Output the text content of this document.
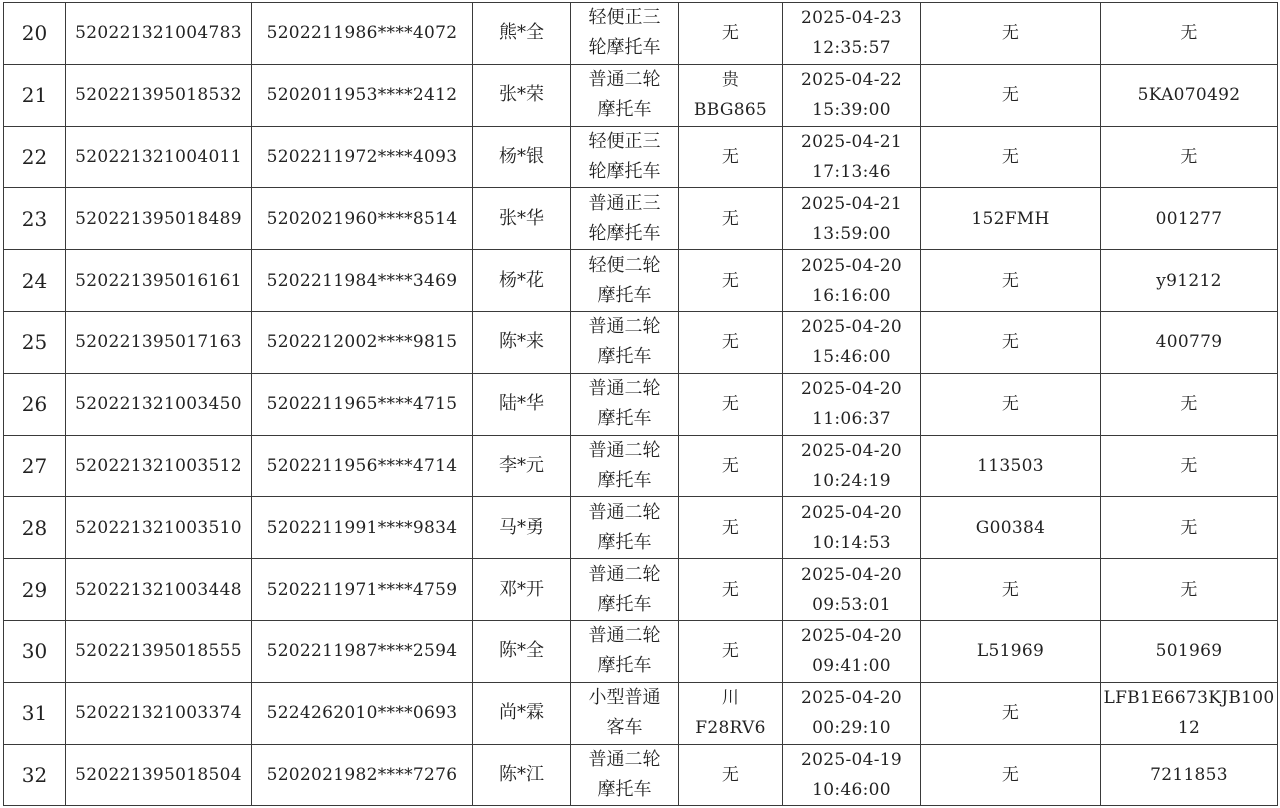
20	520221321004783	5202211986****4072	熊*全	轻便正三
轮摩托车	无	2025-04-23
12:35:57	无	无

21	520221395018532	5202011953****2412	张*荣	普通二轮
摩托车	贵
BBG865	2025-04-22
15:39:00	无	5KA070492

22	520221321004011	5202211972****4093	杨*银	轻便正三
轮摩托车	无	2025-04-21
17:13:46	无	无

23	520221395018489	5202021960****8514	张*华	普通正三
轮摩托车	无	2025-04-21
13:59:00	152FMH	001277

24	520221395016161	5202211984****3469	杨*花	轻便二轮
摩托车	无	2025-04-20
16:16:00	无	y91212

25	520221395017163	5202212002****9815	陈*来	普通二轮
摩托车	无	2025-04-20
15:46:00	无	400779

26	520221321003450	5202211965****4715	陆*华	普通二轮
摩托车	无	2025-04-20
11:06:37	无	无

27	520221321003512	5202211956****4714	李*元	普通二轮
摩托车	无	2025-04-20
10:24:19	113503	无

28	520221321003510	5202211991****9834	马*勇	普通二轮
摩托车	无	2025-04-20
10:14:53	G00384	无

29	520221321003448	5202211971****4759	邓*开	普通二轮
摩托车	无	2025-04-20
09:53:01	无	无

30	520221395018555	5202211987****2594	陈*全	普通二轮
摩托车	无	2025-04-20
09:41:00	L51969	501969

31	520221321003374	5224262010****0693	尚*霖	小型普通
客车	川
F28RV6	2025-04-20
00:29:10	无	LFB1E6673KJB100
12

32	520221395018504	5202021982****7276	陈*江	普通二轮
摩托车	无	2025-04-19
10:46:00	无	7211853
